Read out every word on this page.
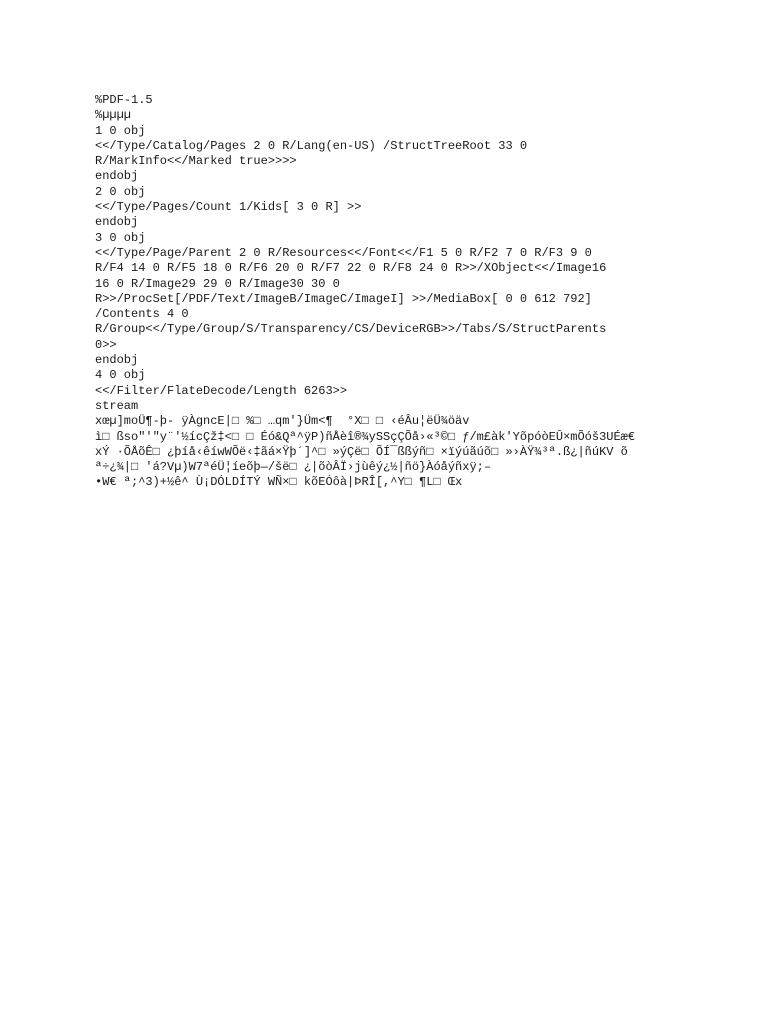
%PDF-1.5
%µµµµ
1 0 obj
<</Type/Catalog/Pages 2 0 R/Lang(en-US) /StructTreeRoot 33 0
R/MarkInfo<</Marked true>>>>
endobj
2 0 obj
<</Type/Pages/Count 1/Kids[ 3 0 R] >>
endobj
3 0 obj
<</Type/Page/Parent 2 0 R/Resources<</Font<</F1 5 0 R/F2 7 0 R/F3 9 0
R/F4 14 0 R/F5 18 0 R/F6 20 0 R/F7 22 0 R/F8 24 0 R>>/XObject<</Image16
16 0 R/Image29 29 0 R/Image30 30 0
R>>/ProcSet[/PDF/Text/ImageB/ImageC/ImageI] >>/MediaBox[ 0 0 612 792]
/Contents 4 0
R/Group<</Type/Group/S/Transparency/CS/DeviceRGB>>/Tabs/S/StructParents
0>>
endobj
4 0 obj
<</Filter/FlateDecode/Length 6263>>
stream
xœµ]moÜ¶-þ- ÿÀgncE|□ %□ …qm'}Üm<¶  °X□ □ ‹éÂu¦ëÜ¾öäv
ì□ ßso"'"y¨'½ícÇž‡<□ □ Éó&Qª^ÿP)ñÅèî®¾ySSçÇÕå›«³©□ ƒ/m£àk'YõpóòEÛ×mÕóš3UÉæ€
xÝ ·ÕÅõÊ□ ¿þíå‹êíwWÕë‹‡ãá×Ÿþ´]^□ »ýÇë□ ÕÍ¯ßßýñ□ ×ïýúãúõ□ »›ÀŸ¾³ª.ß¿|ñúKV õ
ª÷¿¾|□ 'á?Vµ)W7ªéÜ¦íeõþ—/šë□ ¿|õòÂÏ›jùêý¿½|ñö}Àóåýñxÿ;–
•W€ ª;^3)+½ê^ Ù¡DÓLDÍTÝ WÑ×□ kõEÓôà|ÞRÎ[,^Y□ ¶L□ Œx
